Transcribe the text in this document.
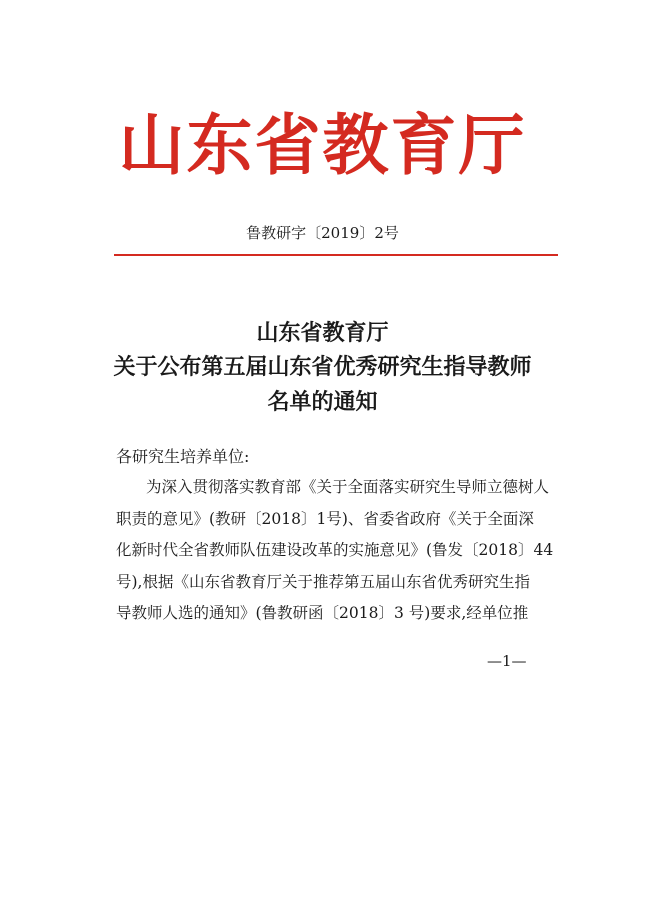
山东省教育厅
鲁教研字〔2019〕2号
山东省教育厅
关于公布第五届山东省优秀研究生指导教师
名单的通知
各研究生培养单位:
为深入贯彻落实教育部《关于全面落实研究生导师立德树人
职责的意见》(教研〔2018〕1号)、省委省政府《关于全面深
化新时代全省教师队伍建设改革的实施意见》(鲁发〔2018〕44
号),根据《山东省教育厅关于推荐第五届山东省优秀研究生指
导教师人选的通知》(鲁教研函〔2018〕3 号)要求,经单位推
—1—
